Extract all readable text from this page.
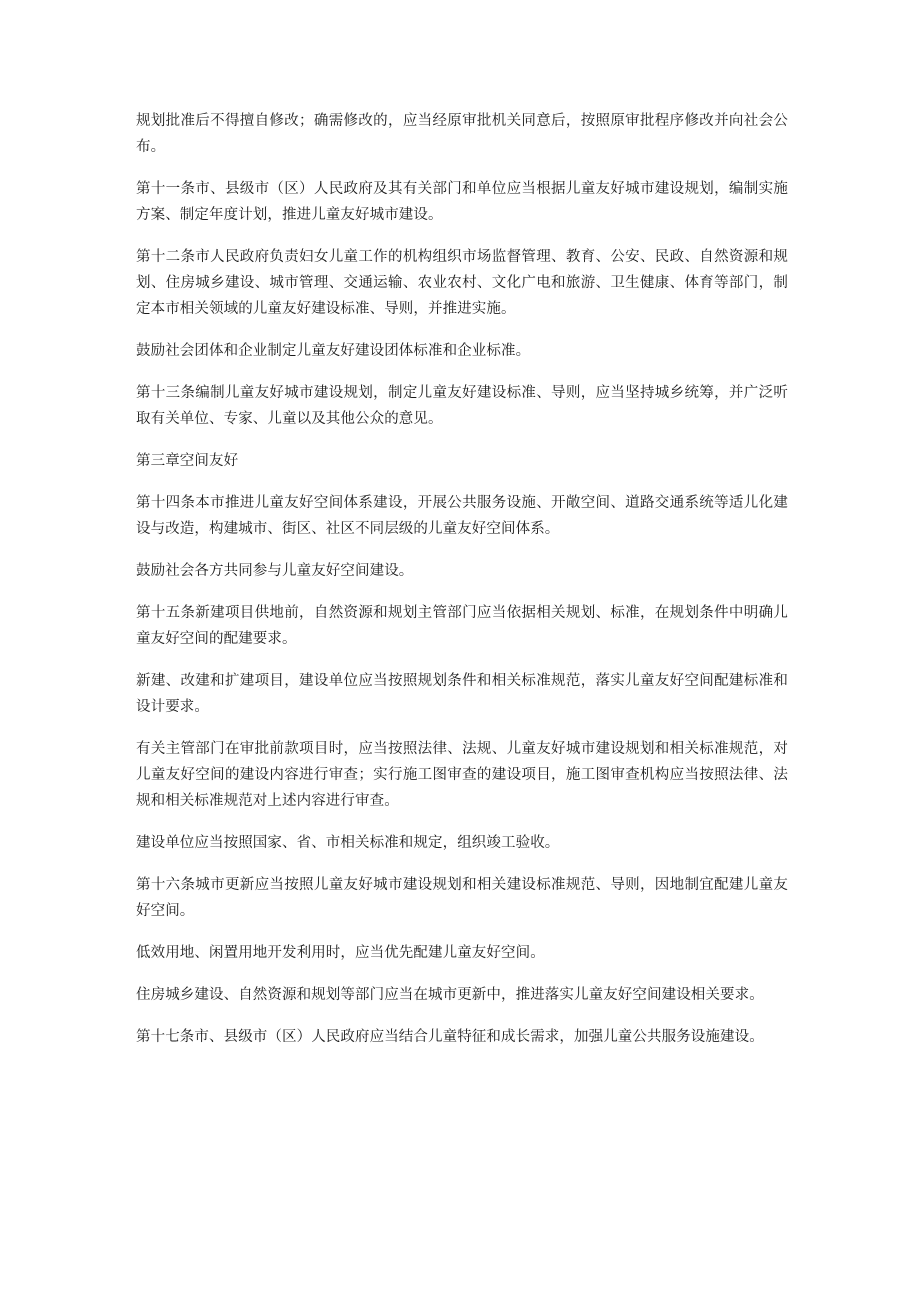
规划批准后不得擅自修改；确需修改的，应当经原审批机关同意后，按照原审批程序修改并向社会公布。

第十一条市、县级市（区）人民政府及其有关部门和单位应当根据儿童友好城市建设规划，编制实施方案、制定年度计划，推进儿童友好城市建设。

第十二条市人民政府负责妇女儿童工作的机构组织市场监督管理、教育、公安、民政、自然资源和规划、住房城乡建设、城市管理、交通运输、农业农村、文化广电和旅游、卫生健康、体育等部门，制定本市相关领域的儿童友好建设标准、导则，并推进实施。

鼓励社会团体和企业制定儿童友好建设团体标准和企业标准。

第十三条编制儿童友好城市建设规划，制定儿童友好建设标准、导则，应当坚持城乡统筹，并广泛听取有关单位、专家、儿童以及其他公众的意见。

第三章空间友好

第十四条本市推进儿童友好空间体系建设，开展公共服务设施、开敞空间、道路交通系统等适儿化建设与改造，构建城市、街区、社区不同层级的儿童友好空间体系。

鼓励社会各方共同参与儿童友好空间建设。

第十五条新建项目供地前，自然资源和规划主管部门应当依据相关规划、标准，在规划条件中明确儿童友好空间的配建要求。

新建、改建和扩建项目，建设单位应当按照规划条件和相关标准规范，落实儿童友好空间配建标准和设计要求。

有关主管部门在审批前款项目时，应当按照法律、法规、儿童友好城市建设规划和相关标准规范，对儿童友好空间的建设内容进行审查；实行施工图审查的建设项目，施工图审查机构应当按照法律、法规和相关标准规范对上述内容进行审查。

建设单位应当按照国家、省、市相关标准和规定，组织竣工验收。

第十六条城市更新应当按照儿童友好城市建设规划和相关建设标准规范、导则，因地制宜配建儿童友好空间。

低效用地、闲置用地开发利用时，应当优先配建儿童友好空间。

住房城乡建设、自然资源和规划等部门应当在城市更新中，推进落实儿童友好空间建设相关要求。

第十七条市、县级市（区）人民政府应当结合儿童特征和成长需求，加强儿童公共服务设施建设。
